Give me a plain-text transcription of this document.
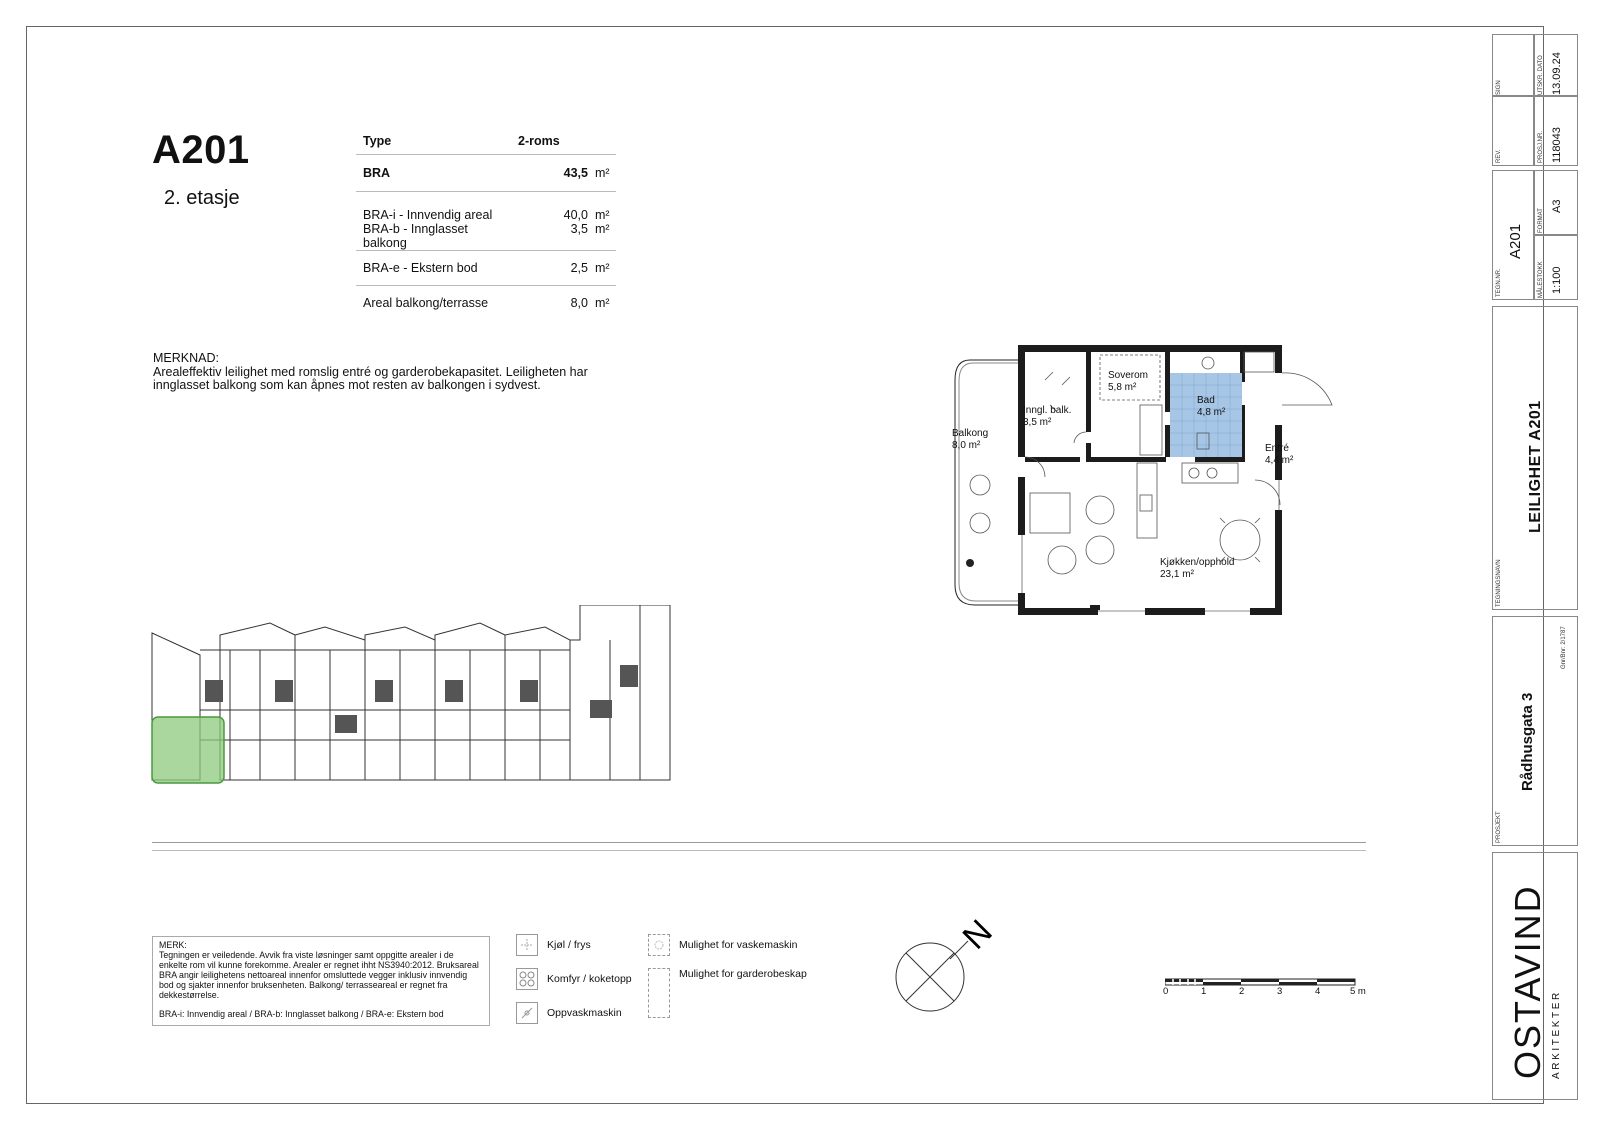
A201
2. etasje
Type	2-roms	
BRA	43,5	m²
BRA-i - Innvendig areal	40,0	m²
BRA-b - Innglasset balkong	3,5	m²
BRA-e - Ekstern bod	2,5	m²
Areal balkong/terrasse	8,0	m²
MERKNAD:
Arealeffektiv leilighet med romslig entré og garderobekapasitet. Leiligheten har innglasset balkong som kan åpnes mot resten av balkongen i sydvest.
Balkong
8,0 m²
Inngl. balk.
3,5 m²
Soverom
5,8 m²
Bad
4,8 m²
Entré
4,4 m²
Kjøkken/opphold
23,1 m²

MERK:

Tegningen er veiledende. Avvik fra viste løsninger samt oppgitte arealer i de enkelte rom vil kunne forekomme. Arealer er regnet ihht NS3940:2012. Bruksareal BRA angir leilighetens nettoareal innenfor omsluttede vegger inklusiv innvendig bod og sjakter innenfor bruksenheten. Balkong/ terrasseareal er regnet fra dekkestørrelse.

BRA-i: Innvendig areal / BRA-b: Innglasset balkong / BRA-e: Ekstern bod

Kjøl / frys
Komfyr / koketopp
Oppvaskmaskin
Mulighet for vaskemaskin
Mulighet for garderobeskap
N
0	1	2	3	4	5 m
SIGN	UTSKR. DATO 13.09.24
REV.	PROSJ.NR. 118043
TEGN.NR.
A201
FORMAT
A3
MÅLESTOKK 1:100
TEGNINGSNAVN
LEILIGHET A201
PROSJEKT
Rådhusgata 3
Gnr/Bnr: 2/1787
OSTAVIND ARKITEKTER
